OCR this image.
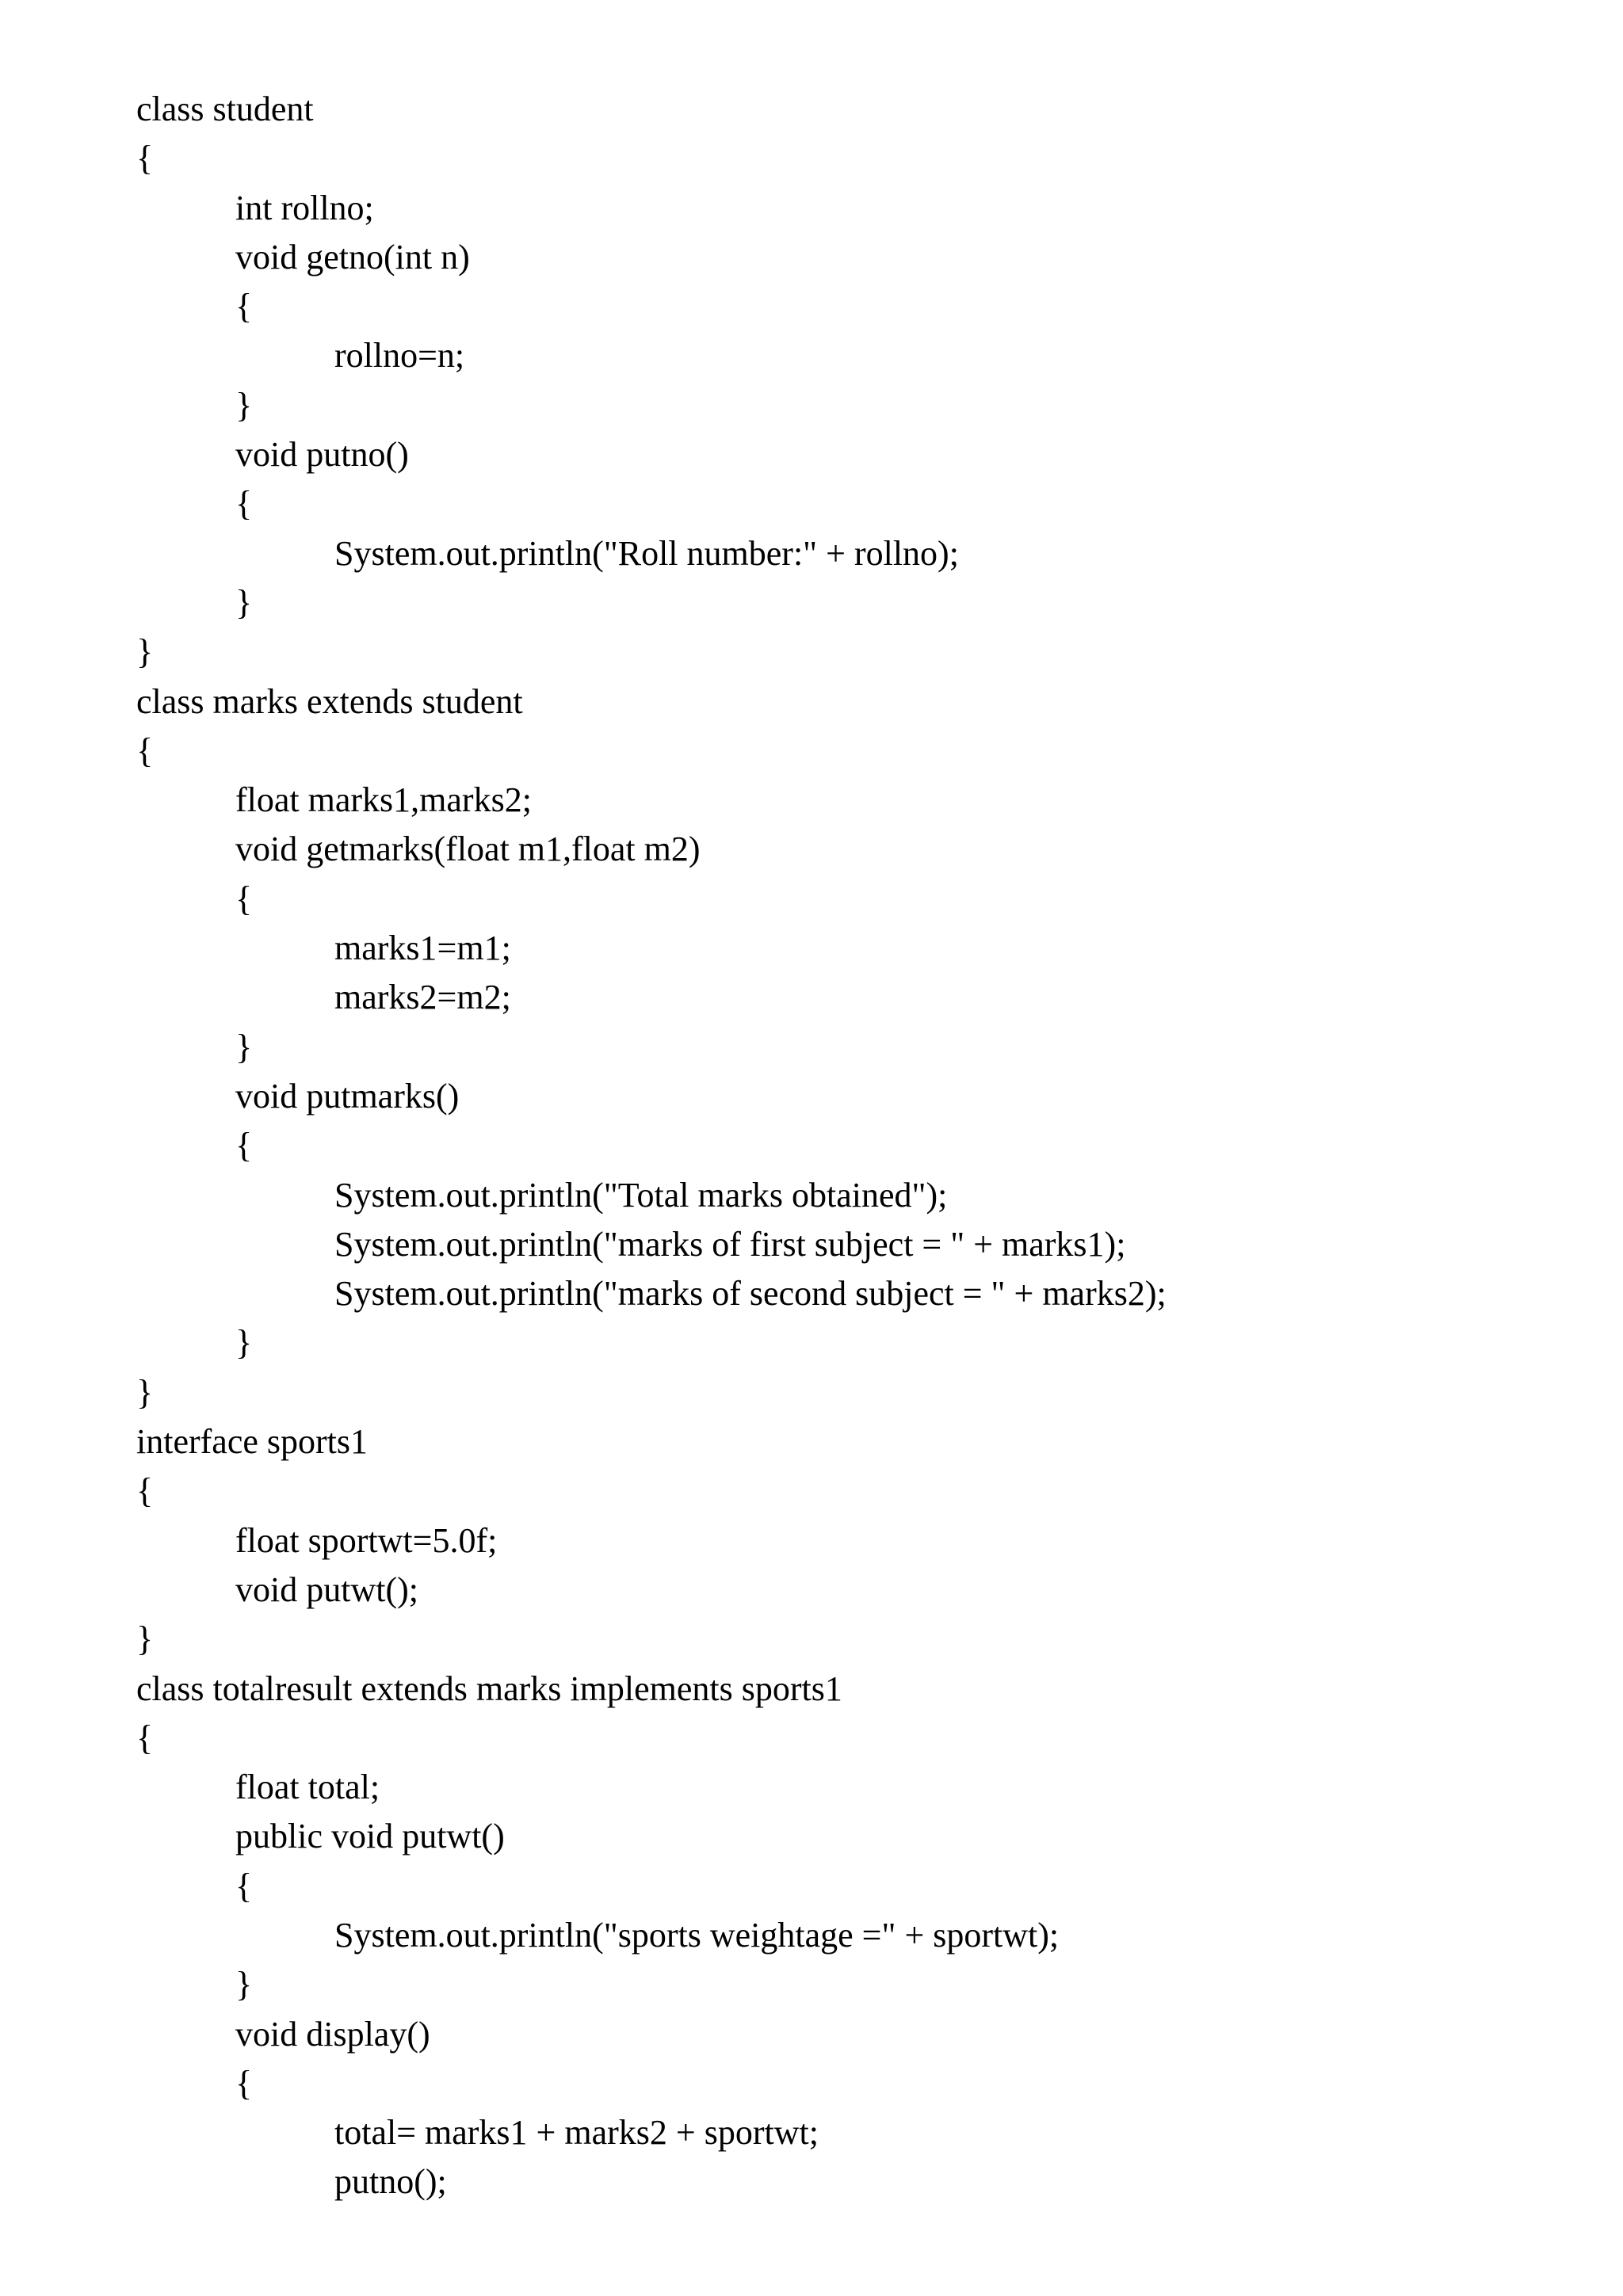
class student
{
int rollno;
void getno(int n)
{
rollno=n;
}
void putno()
{
System.out.println("Roll number:" + rollno);
}
}
class marks extends student
{
float marks1,marks2;
void getmarks(float m1,float m2)
{
marks1=m1;
marks2=m2;
}
void putmarks()
{
System.out.println("Total marks obtained");
System.out.println("marks of first subject = " + marks1);
System.out.println("marks of second subject = " + marks2);
}
}
interface sports1
{
float sportwt=5.0f;
void putwt();
}
class totalresult extends marks implements sports1
{
float total;
public void putwt()
{
System.out.println("sports weightage =" + sportwt);
}
void display()
{
total= marks1 + marks2 + sportwt;
putno();
